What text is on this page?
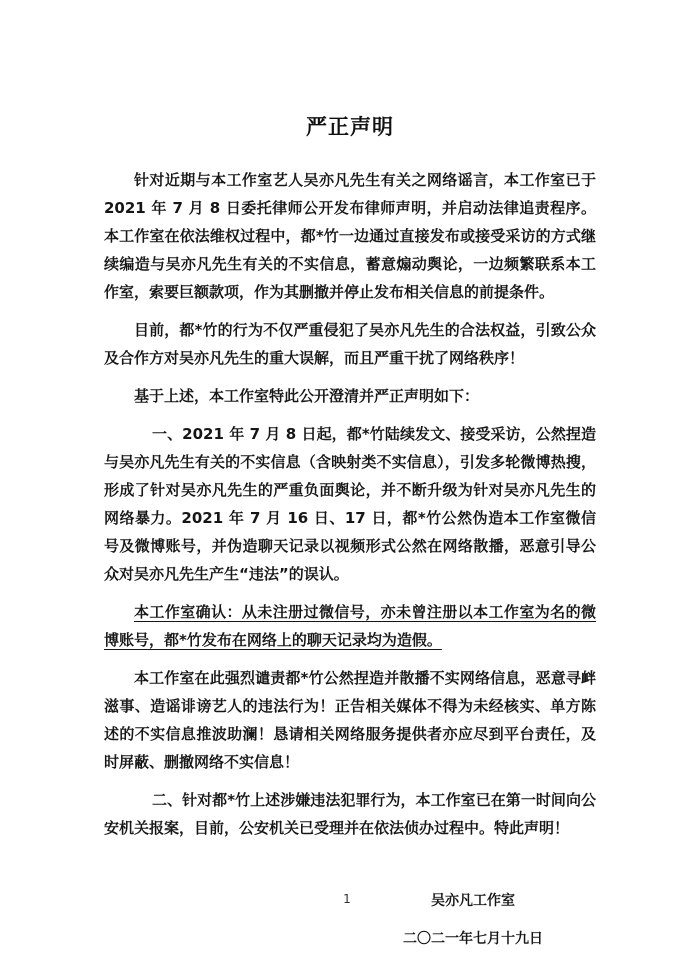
严正声明

针对近期与本工作室艺人吴亦凡先生有关之网络谣言，本工作室已于 2021 年 7 月 8 日委托律师公开发布律师声明，并启动法律追责程序。本工作室在依法维权过程中，都*竹一边通过直接发布或接受采访的方式继续编造与吴亦凡先生有关的不实信息，蓄意煽动舆论，一边频繁联系本工作室，索要巨额款项，作为其删撤并停止发布相关信息的前提条件。

目前，都*竹的行为不仅严重侵犯了吴亦凡先生的合法权益，引致公众及合作方对吴亦凡先生的重大误解，而且严重干扰了网络秩序！

基于上述，本工作室特此公开澄清并严正声明如下：

一、2021 年 7 月 8 日起，都*竹陆续发文、接受采访，公然捏造与吴亦凡先生有关的不实信息（含映射类不实信息），引发多轮微博热搜，形成了针对吴亦凡先生的严重负面舆论，并不断升级为针对吴亦凡先生的网络暴力。2021 年 7 月 16 日、17 日，都*竹公然伪造本工作室微信号及微博账号，并伪造聊天记录以视频形式公然在网络散播，恶意引导公众对吴亦凡先生产生“违法”的误认。

本工作室确认：从未注册过微信号，亦未曾注册以本工作室为名的微博账号，都*竹发布在网络上的聊天记录均为造假。

本工作室在此强烈谴责都*竹公然捏造并散播不实网络信息，恶意寻衅滋事、造谣诽谤艺人的违法行为！正告相关媒体不得为未经核实、单方陈述的不实信息推波助澜！恳请相关网络服务提供者亦应尽到平台责任，及时屏蔽、删撤网络不实信息！

二、针对都*竹上述涉嫌违法犯罪行为，本工作室已在第一时间向公安机关报案，目前，公安机关已受理并在依法侦办过程中。特此声明！

吴亦凡工作室
二〇二一年七月十九日
1
